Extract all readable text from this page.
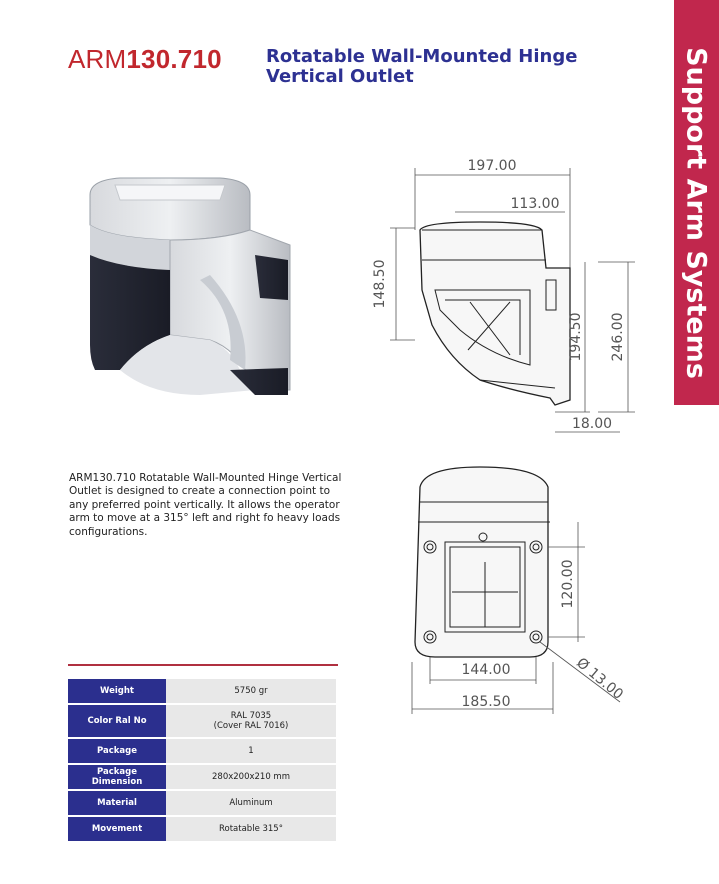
ARM130.710 Rotatable Wall-Mounted Hinge
Vertical Outlet	Support Arm Systems
197.00
113.00
148.50
194.50 246.00
18.00
120.00
144.00
185.50	Ø 13.00
ARM130.710 Rotatable Wall-Mounted Hinge Vertical Outlet is designed to create a connection point to any preferred point vertically. It allows the operator arm to move at a 315° left and right fo heavy loads configurations.
Weight	5750 gr
Color Ral No	RAL 7035
(Cover RAL 7016)

Package	1
Package Dimension	280x200x210 mm
Material	Aluminum
Movement	Rotatable 315°
